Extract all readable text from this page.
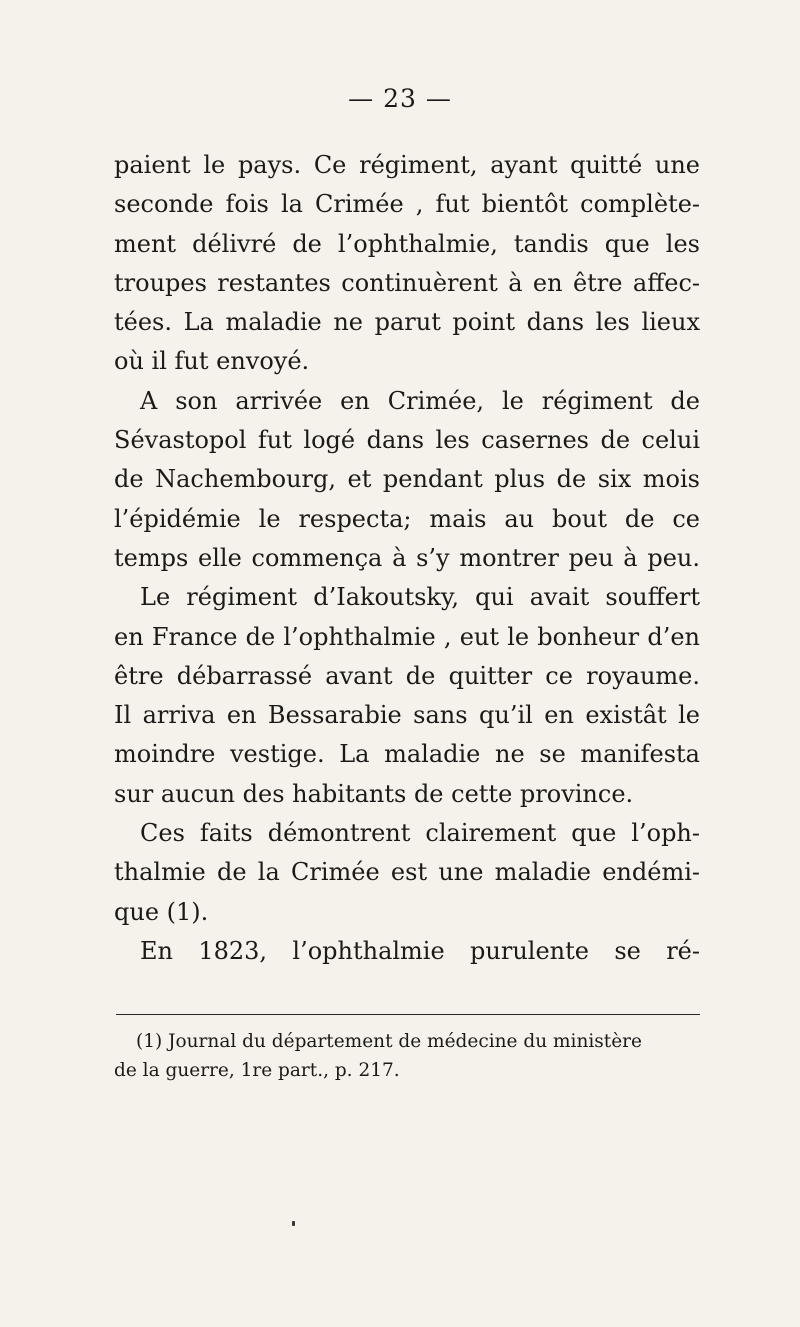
— 23 —
paient le pays. Ce régiment, ayant quitté une
seconde fois la Crimée , fut bientôt complète-
ment délivré de l’ophthalmie, tandis que les
troupes restantes continuèrent à en être affec-
tées. La maladie ne parut point dans les lieux
où il fut envoyé.
A son arrivée en Crimée, le régiment de
Sévastopol fut logé dans les casernes de celui
de Nachembourg, et pendant plus de six mois
l’épidémie le respecta; mais au bout de ce
temps elle commença à s’y montrer peu à peu.
Le régiment d’Iakoutsky, qui avait souffert
en France de l’ophthalmie , eut le bonheur d’en
être débarrassé avant de quitter ce royaume.
Il arriva en Bessarabie sans qu’il en existât le
moindre vestige. La maladie ne se manifesta
sur aucun des habitants de cette province.
Ces faits démontrent clairement que l’oph-
thalmie de la Crimée est une maladie endémi-
que (1).
En 1823, l’ophthalmie purulente se ré-
(1) Journal du département de médecine du ministère
de la guerre, 1re part., p. 217.
